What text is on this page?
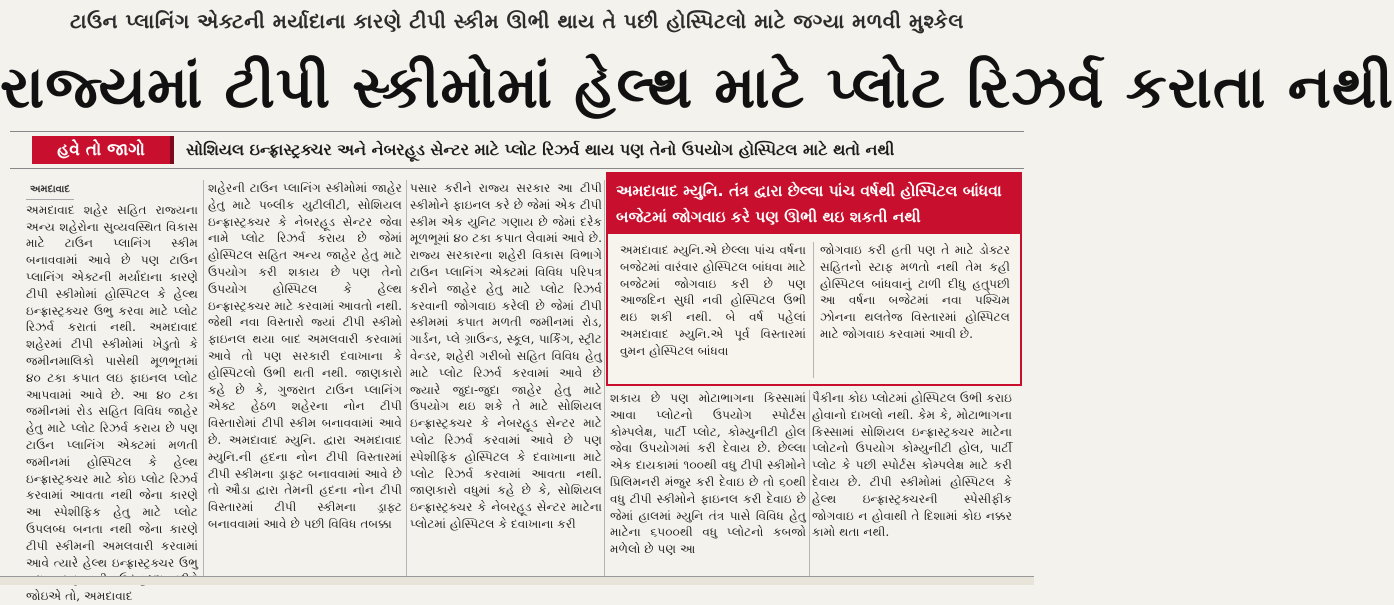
ટાઉન પ્લાનિંગ એક્ટની મર્યાદાના કારણે ટીપી સ્કીમ ઊભી થાય તે પછી હોસ્પિટલો માટે જગ્યા મળવી મુશ્કેલ
રાજ્યમાં ટીપી સ્કીમોમાં હેલ્થ માટે પ્લોટ રિઝર્વ કરાતા નથી
હવે તો જાગો	સોશિયલ ઇન્ફ્રાસ્ટ્રક્ચર અને નેબરહૂડ સેન્ટર માટે પ્લોટ રિઝર્વ થાય પણ તેનો ઉપયોગ હોસ્પિટલ માટે થતો નથી
અમદાવાદ
અમદાવાદ શહેર સહિત રાજ્યના અન્ય શહેરોના સુવ્યવસ્થિત વિકાસ માટે ટાઉન પ્લાનિંગ સ્કીમ બનાવવામાં આવે છે પણ ટાઉન પ્લાનિંગ એક્ટની મર્યાદાના કારણે ટીપી સ્કીમોમાં હોસ્પિટલ કે હેલ્થ ઇન્ફ્રાસ્ટ્રક્ચર ઉભુ કરવા માટે પ્લોટ રિઝર્વ કરાતાં નથી. અમદાવાદ શહેરમાં ટીપી સ્કીમોમાં ખેડુતો કે જમીનમાલિકો પાસેથી મૂળભૂતમાં ૪૦ ટકા કપાત લઇ ફાઇનલ પ્લોટ આપવામાં આવે છે. આ ૪૦ ટકા જમીનમાં રોડ સહિત વિવિધ જાહેર હેતુ માટે પ્લોટ રિઝર્વ કરાય છે પણ ટાઉન પ્લાનિંગ એક્ટમાં મળતી જમીનમાં હોસ્પિટલ કે હેલ્થ ઇન્ફ્રાસ્ટ્રક્ચર માટે કોઇ પ્લોટ રિઝર્વ કરવામાં આવતા નથી જેના કારણે આ સ્પેશીફિક હેતુ માટે પ્લોટ ઉપલબ્ધ બનતા નથી જેના કારણે ટીપી સ્કીમની અમલવારી કરવામાં આવે ત્યારે હેલ્થ ઇન્ફ્રાસ્ટ્રક્ચર ઉભુ જોઇએ તો, અમદાવાદ
શહેરની ટાઉન પ્લાનિંગ સ્કીમોમાં જાહેર હેતુ માટે પબ્લીક યુટીલીટી, સોશિયલ ઇન્ફ્રાસ્ટ્રક્ચર કે નેબરહૂડ સેન્ટર જેવા નામે પ્લોટ રિઝર્વ કરાય છે જેમાં હોસ્પિટલ સહિત અન્ય જાહેર હેતુ માટે ઉપયોગ કરી શકાય છે પણ તેનો ઉપયોગ હોસ્પિટલ કે હેલ્થ ઇન્ફ્રાસ્ટ્રક્ચર માટે કરવામાં આવતો નથી. જેથી નવા વિસ્તારો જ્યાં ટીપી સ્કીમો ફાઇનલ થયા બાદ અમલવારી કરવામાં આવે તો પણ સરકારી દવાખાના કે હોસ્પિટલો ઉભી થતી નથી. જાણકારો કહે છે કે, ગુજરાત ટાઉન પ્લાનિંગ એક્ટ હેઠળ શહેરના નોન ટીપી વિસ્તારોમાં ટીપી સ્કીમ બનાવવામાં આવે છે. અમદાવાદ મ્યુનિ. દ્વારા અમદાવાદ મ્યુનિ.ની હદના નોન ટીપી વિસ્તારમાં ટીપી સ્કીમના ડ્રાફ્ટ બનાવવામાં આવે છે તો ઔડા દ્વારા તેમની હદના નોન ટીપી વિસ્તારમાં ટીપી સ્કીમના ડ્રાફ્ટ બનાવવામાં આવે છે પછી વિવિધ તબક્કા
પસાર કરીને રાજ્ય સરકાર આ ટીપી સ્કીમોને ફાઇનલ કરે છે જેમાં એક ટીપી સ્કીમ એક યુનિટ ગણાય છે જેમાં દરેક મૂળભૂમાં ૪૦ ટકા કપાત લેવામાં આવે છે. રાજ્ય સરકારના શહેરી વિકાસ વિભાગે ટાઉન પ્લાનિંગ એક્ટમાં વિવિધ પરિપત્ર કરીને જાહેર હેતુ માટે પ્લોટ રિઝર્વ કરવાની જોગવાઇ કરેલી છે જેમાં ટીપી સ્કીમમાં કપાત મળતી જમીનમાં રોડ, ગાર્ડન, પ્લે ગ્રાઉન્ડ, સ્કૂલ, પાર્કિંગ, સ્ટ્રીટ વેન્ડર, શહેરી ગરીબો સહિત વિવિધ હેતુ માટે પ્લોટ રિઝર્વ કરવામાં આવે છે જ્યારે જુદા-જુદા જાહેર હેતુ માટે ઉપયોગ થઇ શકે તે માટે સોશિયલ ઇન્ફ્રાસ્ટ્રક્ચર કે નેબરહૂડ સેન્ટર માટે પ્લોટ રિઝર્વ કરવામાં આવે છે પણ સ્પેશીફિક હોસ્પિટલ કે દવાખાના માટે પ્લોટ રિઝર્વ કરવામાં આવતા નથી. જાણકારો વધુમાં કહે છે કે, સોશિયલ ઇન્ફ્રાસ્ટ્રક્ચર કે નેબરહૂડ સેન્ટર માટેના પ્લોટમાં હોસ્પિટલ કે દવાખાના કરી
અમદાવાદ મ્યુનિ. તંત્ર દ્વારા છેલ્લા પાંચ વર્ષથી હોસ્પિટલ બાંધવા બજેટમાં જોગવાઇ કરે પણ ઊભી થઇ શકતી નથી
અમદાવાદ મ્યુનિ.એ છેલ્લા પાંચ વર્ષના બજેટમાં વારંવાર હોસ્પિટલ બાંધવા માટે બજેટમાં જોગવાઇ કરી છે પણ આજદિન સુધી નવી હોસ્પિટલ ઉભી થઇ શકી નથી. બે વર્ષ પહેલાં અમદાવાદ મ્યુનિ.એ પૂર્વ વિસ્તારમાં વુમન હોસ્પિટલ બાંધવા
જોગવાઇ કરી હતી પણ તે માટે ડોક્ટર સહિતનો સ્ટાફ મળતો નથી તેમ કહી હોસ્પિટલ બાંધવાનું ટાળી દીધુ હતુ્પછી આ વર્ષના બજેટમાં નવા પશ્ચિમ ઝોનના થલતેજ વિસ્તારમાં હોસ્પિટલ માટે જોગવાઇ કરવામાં આવી છે.
શકાય છે પણ મોટાભાગના કિસ્સામાં આવા પ્લોટનો ઉપયોગ સ્પોર્ટસ કોમ્પલેક્ષ, પાર્ટી પ્લોટ, કોમ્યુનીટી હોલ જેવા ઉપયોગમાં કરી દેવાય છે. છેલ્લા એક દાયકામાં ૧૦૦થી વધુ ટીપી સ્કીમોને પ્રિલિમનરી મંજુર કરી દેવાઇ છે તો ૬૦થી વધુ ટીપી સ્કીમોને ફાઇનલ કરી દેવાઇ છે જેમાં હાલમાં મ્યુનિ તંત્ર પાસે વિવિધ હેતુ માટેના ૬૫૦૦થી વધુ પ્લોટનો કબજો મળેલો છે પણ આ
પૈકીના કોઇ પ્લોટમાં હોસ્પિટલ ઉભી કરાઇ હોવાનો દાખલો નથી. કેમ કે, મોટાભાગના કિસ્સામાં સોશિયલ ઇન્ફ્રાસ્ટ્રક્ચર માટેના પ્લોટનો ઉપયોગ કોમ્યુનીટી હોલ, પાર્ટી પ્લોટ કે પછી સ્પોર્ટસ કોમ્પલેક્ષ માટે કરી દેવાય છે. ટીપી સ્કીમોમાં હોસ્પિટલ કે હેલ્થ ઇન્ફ્રાસ્ટ્રક્ચરની સ્પેસીફીક જોગવાઇ ન હોવાથી તે દિશામાં કોઇ નક્કર કામો થતા નથી.
